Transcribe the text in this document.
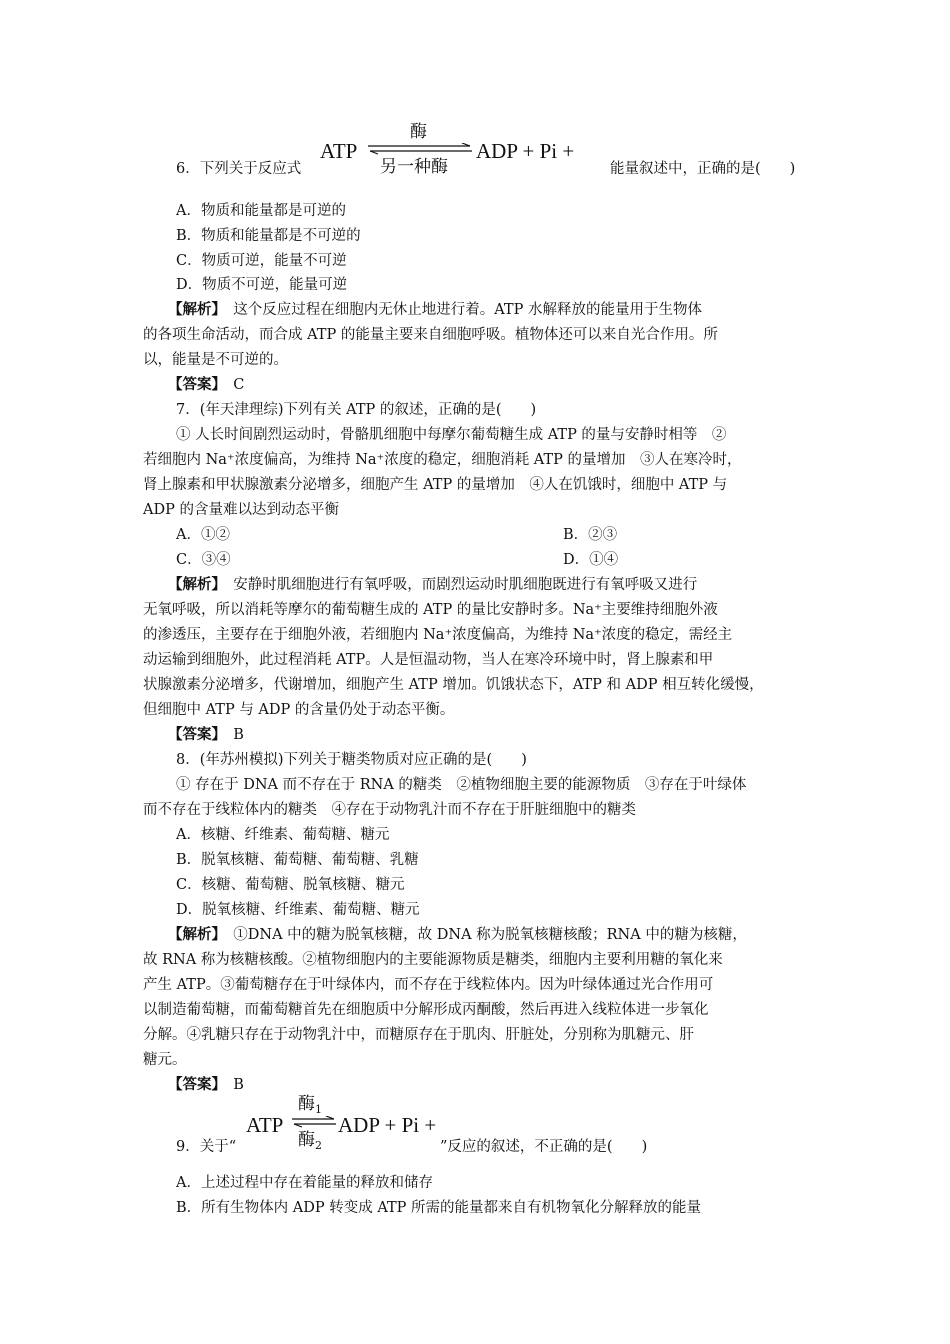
ATP
酶
另一种酶
ADP + Pi +
6．下列关于反应式	能量叙述中，正确的是(　　)
A．物质和能量都是可逆的
B．物质和能量都是不可逆的
C．物质可逆，能量不可逆
D．物质不可逆，能量可逆
【解析】　这个反应过程在细胞内无休止地进行着。ATP 水解释放的能量用于生物体
的各项生命活动，而合成 ATP 的能量主要来自细胞呼吸。植物体还可以来自光合作用。所
以，能量是不可逆的。
【答案】　C
7．(年天津理综)下列有关 ATP 的叙述，正确的是(　　)
① 人长时间剧烈运动时，骨骼肌细胞中每摩尔葡萄糖生成 ATP 的量与安静时相等　②
若细胞内 Na⁺浓度偏高，为维持 Na⁺浓度的稳定，细胞消耗 ATP 的量增加　③人在寒冷时，
肾上腺素和甲状腺激素分泌增多，细胞产生 ATP 的量增加　④人在饥饿时，细胞中 ATP 与
ADP 的含量难以达到动态平衡
A．①②	B．②③
C．③④	D．①④
【解析】　安静时肌细胞进行有氧呼吸，而剧烈运动时肌细胞既进行有氧呼吸又进行
无氧呼吸，所以消耗等摩尔的葡萄糖生成的 ATP 的量比安静时多。Na⁺主要维持细胞外液
的渗透压，主要存在于细胞外液，若细胞内 Na⁺浓度偏高，为维持 Na⁺浓度的稳定，需经主
动运输到细胞外，此过程消耗 ATP。人是恒温动物，当人在寒冷环境中时，肾上腺素和甲
状腺激素分泌增多，代谢增加，细胞产生 ATP 增加。饥饿状态下，ATP 和 ADP 相互转化缓慢，
但细胞中 ATP 与 ADP 的含量仍处于动态平衡。
【答案】　B
8．(年苏州模拟)下列关于糖类物质对应正确的是(　　)
① 存在于 DNA 而不存在于 RNA 的糖类　②植物细胞主要的能源物质　③存在于叶绿体
而不存在于线粒体内的糖类　④存在于动物乳汁而不存在于肝脏细胞中的糖类
A．核糖、纤维素、葡萄糖、糖元
B．脱氧核糖、葡萄糖、葡萄糖、乳糖
C．核糖、葡萄糖、脱氧核糖、糖元
D．脱氧核糖、纤维素、葡萄糖、糖元
【解析】　①DNA 中的糖为脱氧核糖，故 DNA 称为脱氧核糖核酸；RNA 中的糖为核糖，
故 RNA 称为核糖核酸。②植物细胞内的主要能源物质是糖类，细胞内主要利用糖的氧化来
产生 ATP。③葡萄糖存在于叶绿体内，而不存在于线粒体内。因为叶绿体通过光合作用可
以制造葡萄糖，而葡萄糖首先在细胞质中分解形成丙酮酸，然后再进入线粒体进一步氧化
分解。④乳糖只存在于动物乳汁中，而糖原存在于肌肉、肝脏处，分别称为肌糖元、肝
糖元。
【答案】　B
ATP
酶$_1$
酶$_2$
ADP + Pi +
9．关于“	”反应的叙述，不正确的是(　　)
A．上述过程中存在着能量的释放和储存
B．所有生物体内 ADP 转变成 ATP 所需的能量都来自有机物氧化分解释放的能量
